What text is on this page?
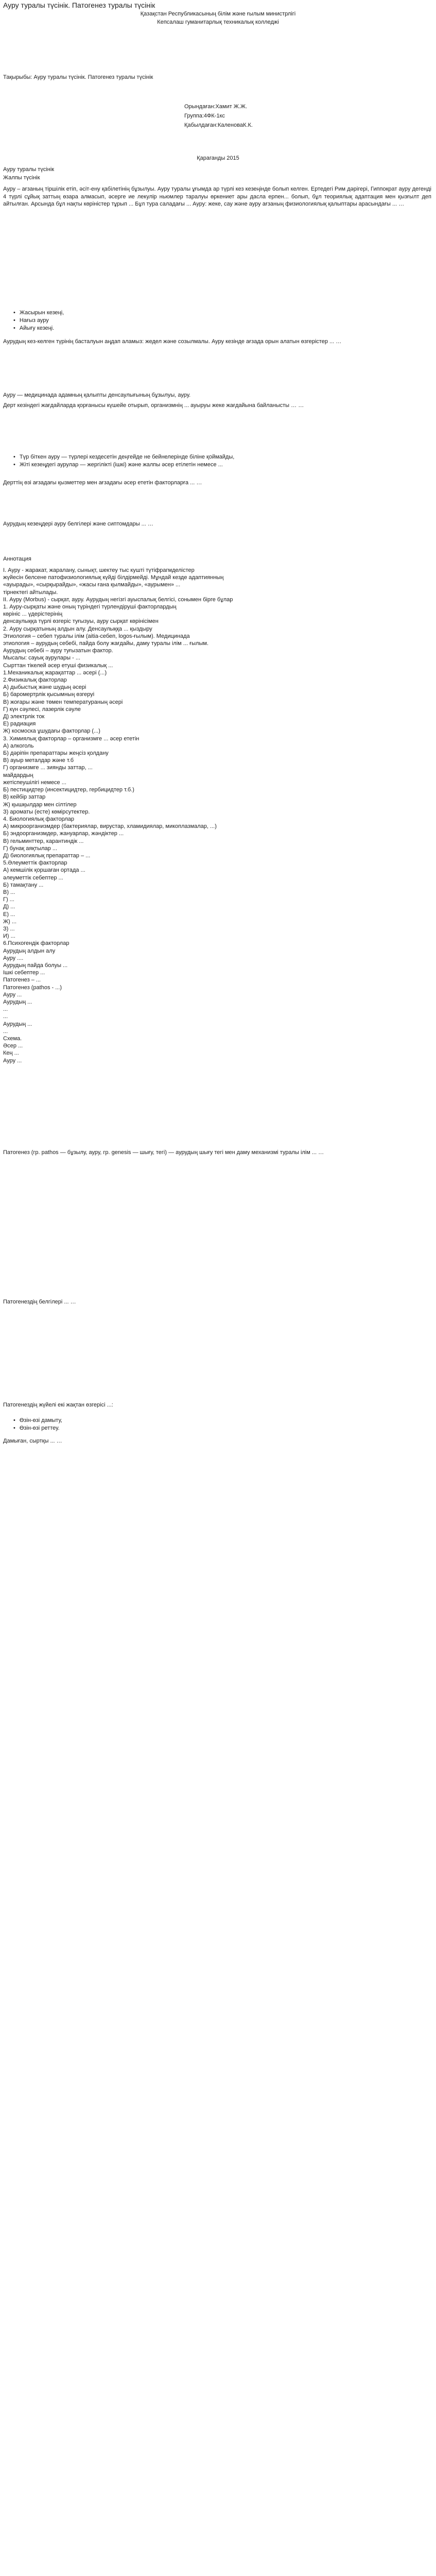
Ауру туралы түсінік. Патогенез туралы түсінік
Қазақстан Республикасының білім және ғылым министрлігі
Кепсалаш гуманитарлық техникалық колледжі
Тақырыбы: Ауру туралы түсінік. Патогенез туралы түсінік
Орындаған:Хамит Ж.Ж.
Группа:4ФК-1кс
Қабылдаған:КаленоваК.К.
Қараганды 2015
Ауру туралы түсінік
Жалпы түсінік

Ауру – ағзаның тіршілік етіп, әсіт-ену қабілетінің бұзылуы. Ауру туралы ұғымда ар түрлі кез кезеңінде болып келген. Ертедегі Рим дәрігері, Гиппократ ауру дегенді 4 түрлі сұйық заттың өзара алмасып, әсерге ие лекулір ньюмлер таралуы өркениет ары дасла ерпен... болып, бұл теориялық адаптация мен қызғылт деп айтылған. Арсында бұл нақты көріністер тұрып ... Бұл тура саладағы ... Ауру: жеке, сау және ауру ағзаның физиологиялық қалыптары арасындағы ... …

• Жасырын кезеңі,
• Нағыз ауру
• Айығу кезеңі.

Аурудың кез-келген түрінің басталуын аңдап аламыз: жедел және созылмалы. Ауру кезінде ағзада орын алатын өзгерістер ... …

Ауру — медицинада адамның қалыпты денсаулығының бұзылуы, ауру.

Дерт кезіндегі жағдайларда қорғанысы күшейе отырып, организмнің ... ауыруы жеке жағдайына байланысты … …

• Түр бiткен ауру — түрлерi кездесетiн деңгейде не бейнелерiнде бiлiне қоймайды,
• Жiтi кезеңдегi аурулар — жергiлiктi (iшкi) және жалпы әсер етiлетiн немесе ...

Дерттің өзі ағзадағы қызметтер мен ағзадағы әсер ететін факторларға ... …

Аурудың кезеңдері ауру белгілері және сиптомдары ... …

Аннотация
І. Ауру - жаракат, жаралану, сынықт, шектеу тыс кушті түтіфрагмделістер
жүйесін белсене патофизиологиялық күйді білдірмейді. Мұндай кезде адаптиянның
«ауырады», «сырқырайды», «жасы ғана қылмайды», «аурымен» ...
тірнектегі айтылады.
ІІ. Ауру (Morbus) - сырқат, ауру. Аурудың негізгі ауыспалық белгісі, сонымен бірге бұлар
1. Ауру-сырқаты және оның түріндегі түрлендіруші факторлардың
көрініс ... үдерістерінің
денсаулыққа түрлі өзгеріс туғызуы, ауру сырқат көрінісімен
2. Ауру сырқатының алдын алу. Денсаулыққа ... қыздыру
Этиология – себеп туралы ілім (aitia-себеп, logos-ғылым). Медицинада
этиология – аурудың себебі, пайда болу жағдайы, даму туралы ілім ... ғылым.
Аурудың себебі – ауру туғызатын фактор.
Мысалы: сауық аурулары - ...
Сырттан тікелей әсер етуші физикалық ...
1.Механикалық жарақаттар ... әсері (...)
2.Физикалық факторлар
А) дыбыстық және шудың әсері
Б) баромертрлік қысымның өзгеруі
В) жоғары және төмен температураның әсері
Г) күн сәулесі, лазерлік сәуле
Д) электрлік ток
Е) радиация
Ж) космоска ұшудағы факторлар (...)
3. Химиялық факторлар – организмге ... әсер ететін
А) алкоголь
Б) дәріпін препараттары жеңсіз қолдану
В) ауыр металдар және т.б
Г) организмге ... зиянды заттар, ...
майдардың
жетіспеушілігі немесе ...
Б) пестицидтер (инсектицидтер, гербицидтер т.б.)
В) кейбір заттар
Ж) қышқылдар мен сілтілер
З) ароматы (есте) көмірсутектер.
4. Биологиялық факторлар
А) микроорганизмдер (бактериялар, вирустар, хламидиялар, микоплазмалар, ...)
Б) эндоорганизмдер, жануарлар, жәндіктер ...
В) гельминттер, карантиндік ...
Г) бунақ аяқтылар ...
Д) биологиялық препараттар – ...
5.Әлеуметтік факторлар
А) кемшілік қоршаған ортада ...
әлеуметтік себептер ...
Б) тамақтану ...
В) ...
Г) ...
Д) ...
Е) ...
Ж) ...
З) ...
И) ...
6.Психогендік факторлар
Аурудың алдын алу
Ауру ....
Аурудың пайда болуы ...
Ішкі себептер ...
Патогенез – ...
Патогенез (pathos - ...)
Ауру ...
Аурудың ...
...
...
Аурудың ...
...
Схема.
Әсер ...
Кең ...
Ауру ...

Патогенез (гр. pathos — бұзылу, ауру, гр. genesis — шығу, тегі) — аурудың шығу тегі мен даму механизмі туралы ілім ... …

Патогенездің белгілері ... …

Патогенездің жүйелі екі жақтан өзгерісі ...:

• Өзін-өзі дамыту,
• Өзін-өзі реттеу.

Дамыған, сыртқы ... …
